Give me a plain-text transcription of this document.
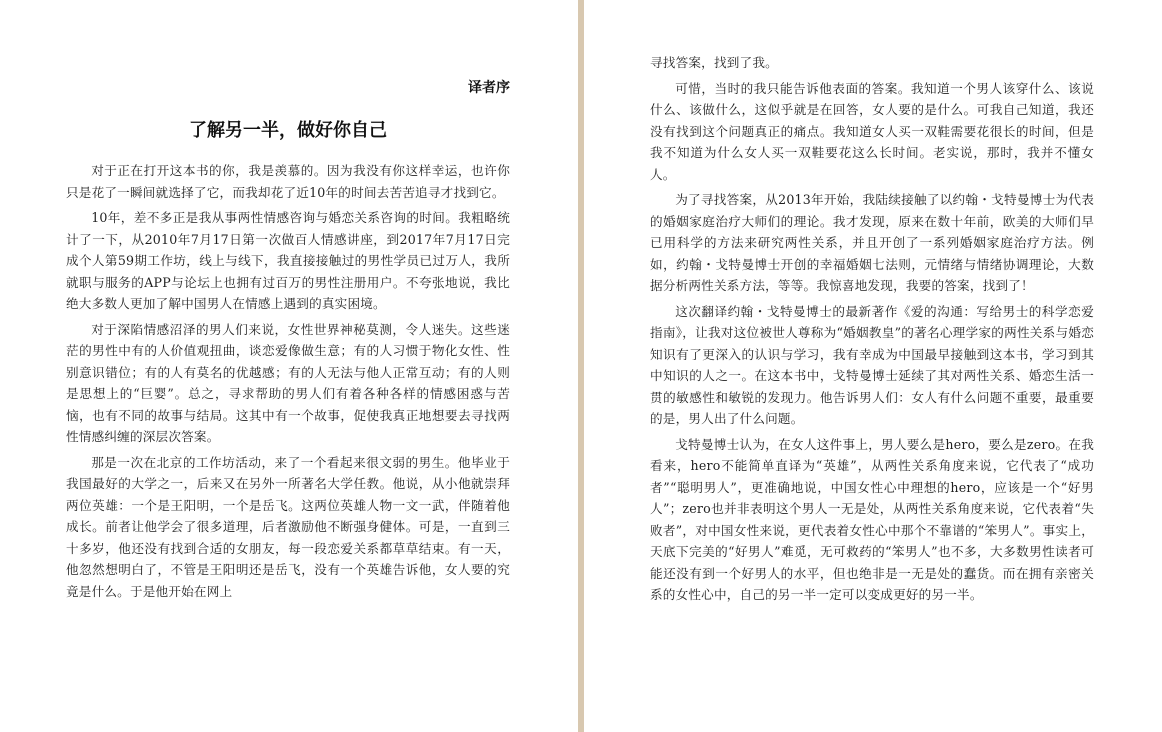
译者序
了解另一半，做好你自己

对于正在打开这本书的你，我是羡慕的。因为我没有你这样幸运，也许你只是花了一瞬间就选择了它，而我却花了近10年的时间去苦苦追寻才找到它。

10年，差不多正是我从事两性情感咨询与婚恋关系咨询的时间。我粗略统计了一下，从2010年7月17日第一次做百人情感讲座，到2017年7月17日完成个人第59期工作坊，线上与线下，我直接接触过的男性学员已过万人，我所就职与服务的APP与论坛上也拥有过百万的男性注册用户。不夸张地说，我比绝大多数人更加了解中国男人在情感上遇到的真实困境。

对于深陷情感沼泽的男人们来说，女性世界神秘莫测，令人迷失。这些迷茫的男性中有的人价值观扭曲，谈恋爱像做生意；有的人习惯于物化女性、性别意识错位；有的人有莫名的优越感；有的人无法与他人正常互动；有的人则是思想上的“巨婴”。总之，寻求帮助的男人们有着各种各样的情感困惑与苦恼，也有不同的故事与结局。这其中有一个故事，促使我真正地想要去寻找两性情感纠缠的深层次答案。

那是一次在北京的工作坊活动，来了一个看起来很文弱的男生。他毕业于我国最好的大学之一，后来又在另外一所著名大学任教。他说，从小他就崇拜两位英雄：一个是王阳明，一个是岳飞。这两位英雄人物一文一武，伴随着他成长。前者让他学会了很多道理，后者激励他不断强身健体。可是，一直到三十多岁，他还没有找到合适的女朋友，每一段恋爱关系都草草结束。有一天，他忽然想明白了，不管是王阳明还是岳飞，没有一个英雄告诉他，女人要的究竟是什么。于是他开始在网上

寻找答案，找到了我。

可惜，当时的我只能告诉他表面的答案。我知道一个男人该穿什么、该说什么、该做什么，这似乎就是在回答，女人要的是什么。可我自己知道，我还没有找到这个问题真正的痛点。我知道女人买一双鞋需要花很长的时间，但是我不知道为什么女人买一双鞋要花这么长时间。老实说，那时，我并不懂女人。

为了寻找答案，从2013年开始，我陆续接触了以约翰・戈特曼博士为代表的婚姻家庭治疗大师们的理论。我才发现，原来在数十年前，欧美的大师们早已用科学的方法来研究两性关系，并且开创了一系列婚姻家庭治疗方法。例如，约翰・戈特曼博士开创的幸福婚姻七法则，元情绪与情绪协调理论，大数据分析两性关系方法，等等。我惊喜地发现，我要的答案，找到了！

这次翻译约翰・戈特曼博士的最新著作《爱的沟通：写给男士的科学恋爱指南》，让我对这位被世人尊称为“婚姻教皇”的著名心理学家的两性关系与婚恋知识有了更深入的认识与学习，我有幸成为中国最早接触到这本书，学习到其中知识的人之一。在这本书中，戈特曼博士延续了其对两性关系、婚恋生活一贯的敏感性和敏锐的发现力。他告诉男人们：女人有什么问题不重要，最重要的是，男人出了什么问题。

戈特曼博士认为，在女人这件事上，男人要么是hero，要么是zero。在我看来，hero不能简单直译为“英雄”，从两性关系角度来说，它代表了“成功者”“聪明男人”，更准确地说，中国女性心中理想的hero，应该是一个“好男人”；zero也并非表明这个男人一无是处，从两性关系角度来说，它代表着“失败者”，对中国女性来说，更代表着女性心中那个不靠谱的“笨男人”。事实上，天底下完美的“好男人”难觅，无可救药的“笨男人”也不多，大多数男性读者可能还没有到一个好男人的水平，但也绝非是一无是处的蠢货。而在拥有亲密关系的女性心中，自己的另一半一定可以变成更好的另一半。
